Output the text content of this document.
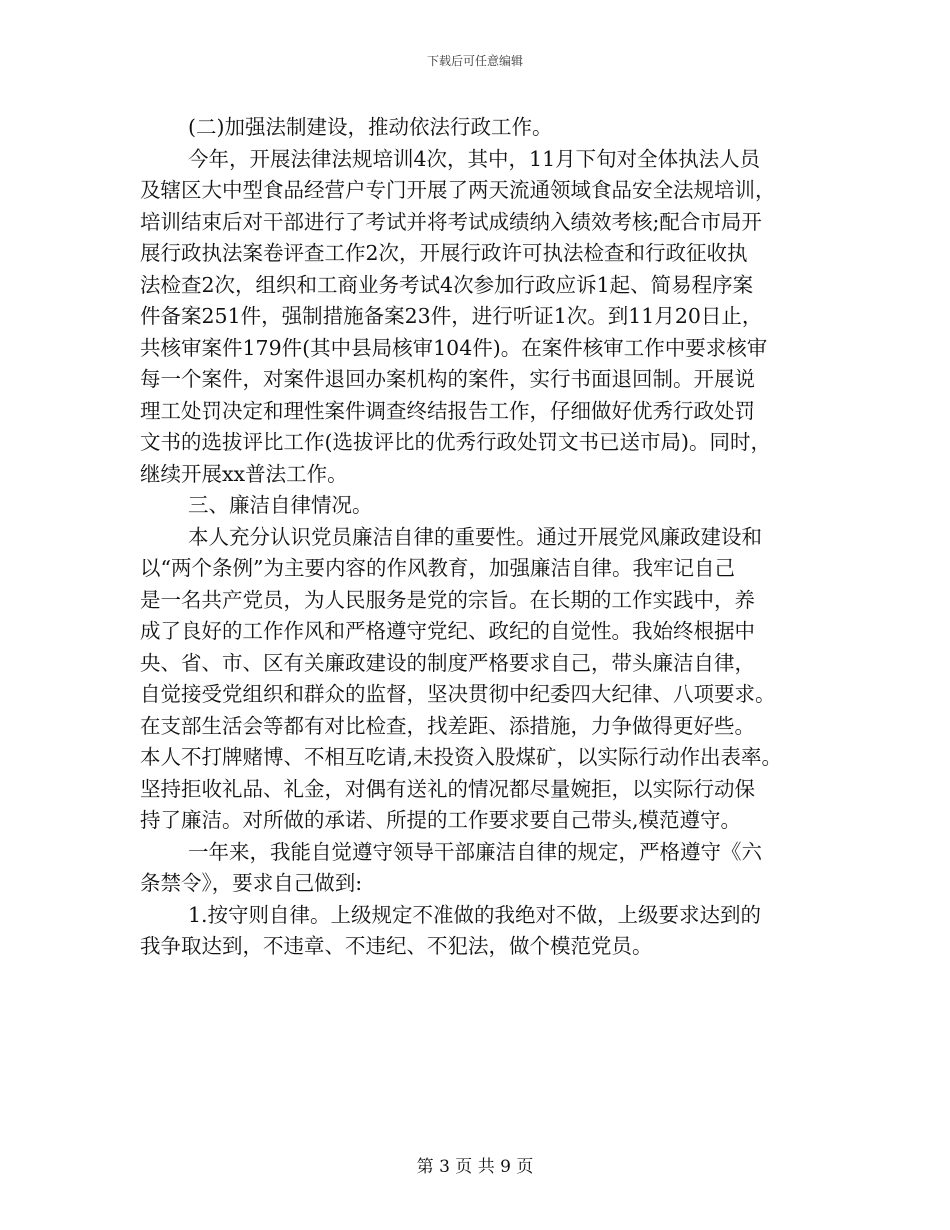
下载后可任意编辑
(二)加强法制建设，推动依法行政工作。
今年，开展法律法规培训4次，其中，11月下旬对全体执法人员
及辖区大中型食品经营户专门开展了两天流通领域食品安全法规培训，
培训结束后对干部进行了考试并将考试成绩纳入绩效考核;配合市局开
展行政执法案卷评查工作2次，开展行政许可执法检查和行政征收执
法检查2次，组织和工商业务考试4次参加行政应诉1起、简易程序案
件备案251件，强制措施备案23件，进行听证1次。到11月20日止，
共核审案件179件(其中县局核审104件)。在案件核审工作中要求核审
每一个案件，对案件退回办案机构的案件，实行书面退回制。开展说
理工处罚决定和理性案件调查终结报告工作，仔细做好优秀行政处罚
文书的选拔评比工作(选拔评比的优秀行政处罚文书已送市局)。同时，
继续开展xx普法工作。
三、廉洁自律情况。
本人充分认识党员廉洁自律的重要性。通过开展党风廉政建设和
以“两个条例”为主要内容的作风教育，加强廉洁自律。我牢记自己
是一名共产党员，为人民服务是党的宗旨。在长期的工作实践中，养
成了良好的工作作风和严格遵守党纪、政纪的自觉性。我始终根据中
央、省、市、区有关廉政建设的制度严格要求自己，带头廉洁自律，
自觉接受党组织和群众的监督，坚决贯彻中纪委四大纪律、八项要求。
在支部生活会等都有对比检查，找差距、添措施，力争做得更好些。
本人不打牌赌博、不相互吃请,未投资入股煤矿，以实际行动作出表率。
坚持拒收礼品、礼金，对偶有送礼的情况都尽量婉拒，以实际行动保
持了廉洁。对所做的承诺、所提的工作要求要自己带头,模范遵守。
一年来，我能自觉遵守领导干部廉洁自律的规定，严格遵守《六
条禁令》，要求自己做到:
1.按守则自律。上级规定不准做的我绝对不做，上级要求达到的
我争取达到，不违章、不违纪、不犯法，做个模范党员。
第 3 页 共 9 页
